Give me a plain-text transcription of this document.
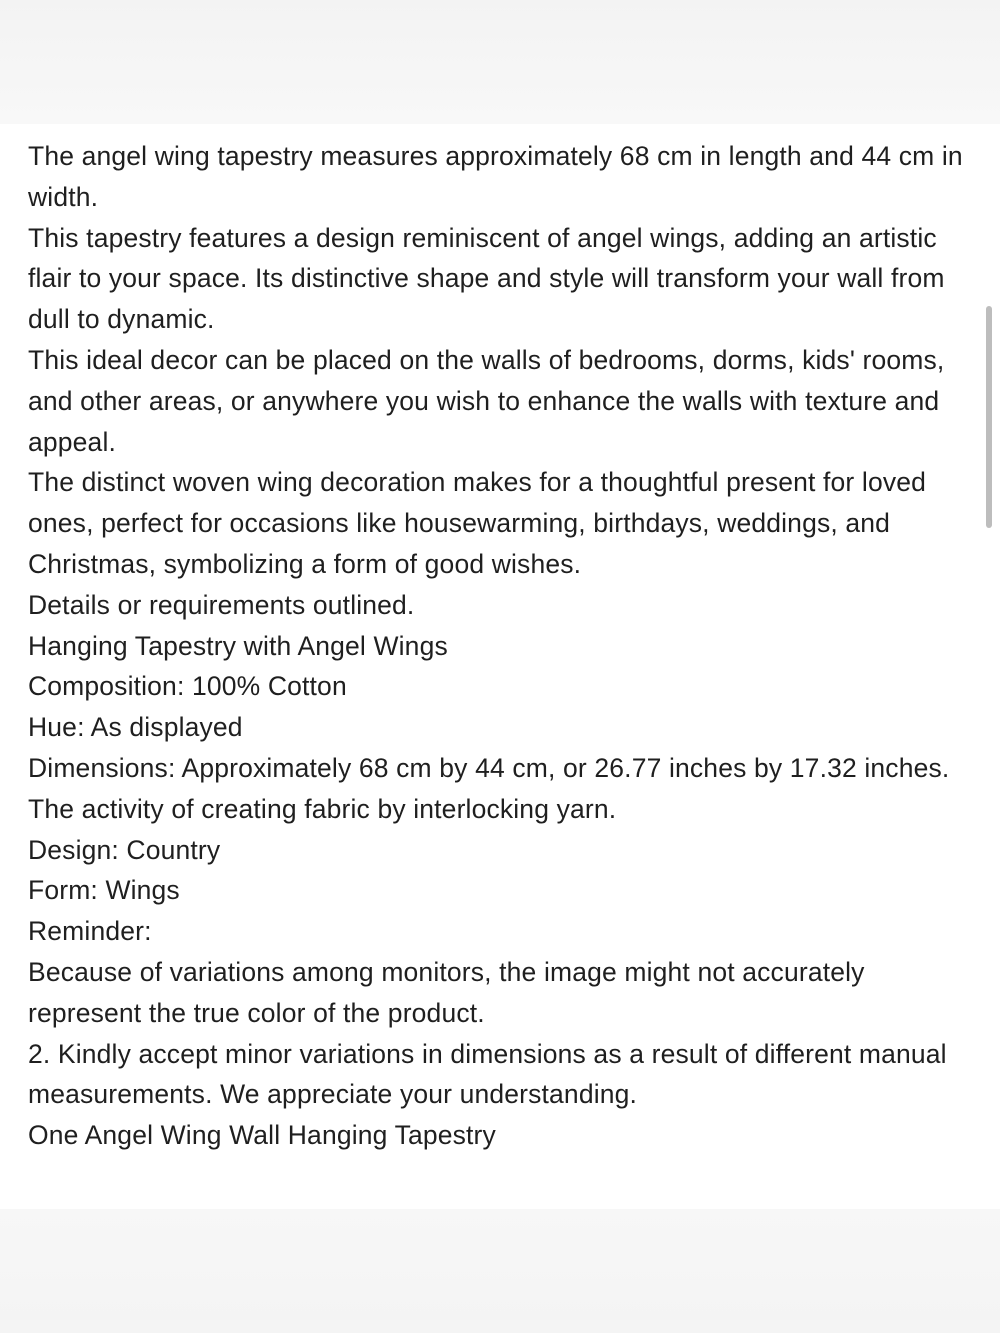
The angel wing tapestry measures approximately 68 cm in length and 44 cm in width.
This tapestry features a design reminiscent of angel wings, adding an artistic flair to your space. Its distinctive shape and style will transform your wall from dull to dynamic.
This ideal decor can be placed on the walls of bedrooms, dorms, kids' rooms, and other areas, or anywhere you wish to enhance the walls with texture and appeal.
The distinct woven wing decoration makes for a thoughtful present for loved ones, perfect for occasions like housewarming, birthdays, weddings, and Christmas, symbolizing a form of good wishes.
Details or requirements outlined.
Hanging Tapestry with Angel Wings
Composition: 100% Cotton
Hue: As displayed
Dimensions: Approximately 68 cm by 44 cm, or 26.77 inches by 17.32 inches.
The activity of creating fabric by interlocking yarn.
Design: Country
Form: Wings
Reminder:
Because of variations among monitors, the image might not accurately represent the true color of the product.
2. Kindly accept minor variations in dimensions as a result of different manual measurements. We appreciate your understanding.
One Angel Wing Wall Hanging Tapestry
